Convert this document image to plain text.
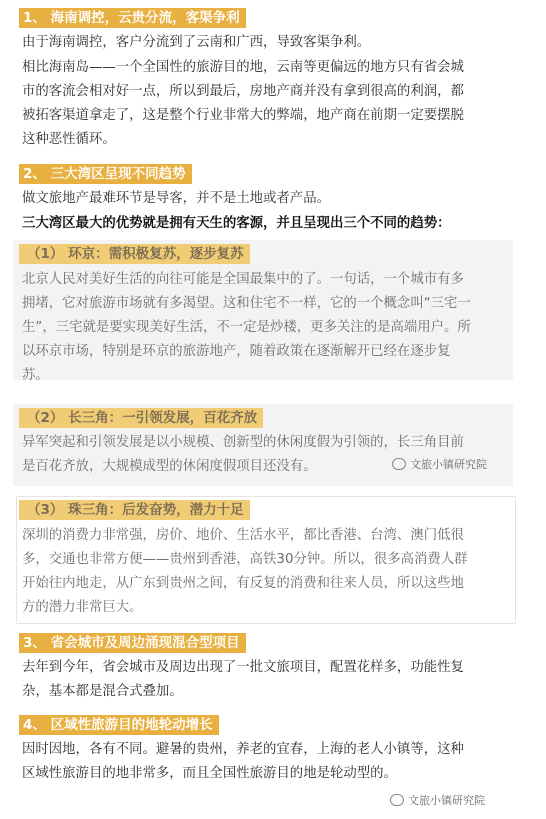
1、 海南调控，云贵分流，客渠争利
由于海南调控，客户分流到了云南和广西，导致客渠争利。
相比海南岛——一个全国性的旅游目的地，云南等更偏远的地方只有省会城
市的客流会相对好一点，所以到最后，房地产商并没有拿到很高的利润，都
被拓客渠道拿走了，这是整个行业非常大的弊端，地产商在前期一定要摆脱
这种恶性循环。
2、 三大湾区呈现不同趋势
做文旅地产最难环节是导客，并不是土地或者产品。
三大湾区最大的优势就是拥有天生的客源，并且呈现出三个不同的趋势：
（1） 环京：需积极复苏，逐步复苏
北京人民对美好生活的向往可能是全国最集中的了。一句话，一个城市有多
拥堵，它对旅游市场就有多渴望。这和住宅不一样，它的一个概念叫“三宅一
生”，三宅就是要实现美好生活，不一定是炒楼，更多关注的是高端用户。所
以环京市场，特别是环京的旅游地产，随着政策在逐渐解开已经在逐步复
苏。
（2） 长三角：一引领发展，百花齐放
异军突起和引领发展是以小规模、创新型的休闲度假为引领的，长三角目前
是百花齐放，大规模成型的休闲度假项目还没有。	文旅小镇研究院
（3） 珠三角：后发奋势，潜力十足
深圳的消费力非常强，房价、地价、生活水平，都比香港、台湾、澳门低很
多，交通也非常方便——贵州到香港，高铁30分钟。所以，很多高消费人群
开始往内地走，从广东到贵州之间，有反复的消费和往来人员，所以这些地
方的潜力非常巨大。
3、 省会城市及周边涌现混合型项目
去年到今年，省会城市及周边出现了一批文旅项目，配置花样多，功能性复
杂，基本都是混合式叠加。
4、 区域性旅游目的地轮动增长
因时因地，各有不同。避暑的贵州，养老的宜春，上海的老人小镇等，这种
区域性旅游目的地非常多，而且全国性旅游目的地是轮动型的。
文旅小镇研究院
